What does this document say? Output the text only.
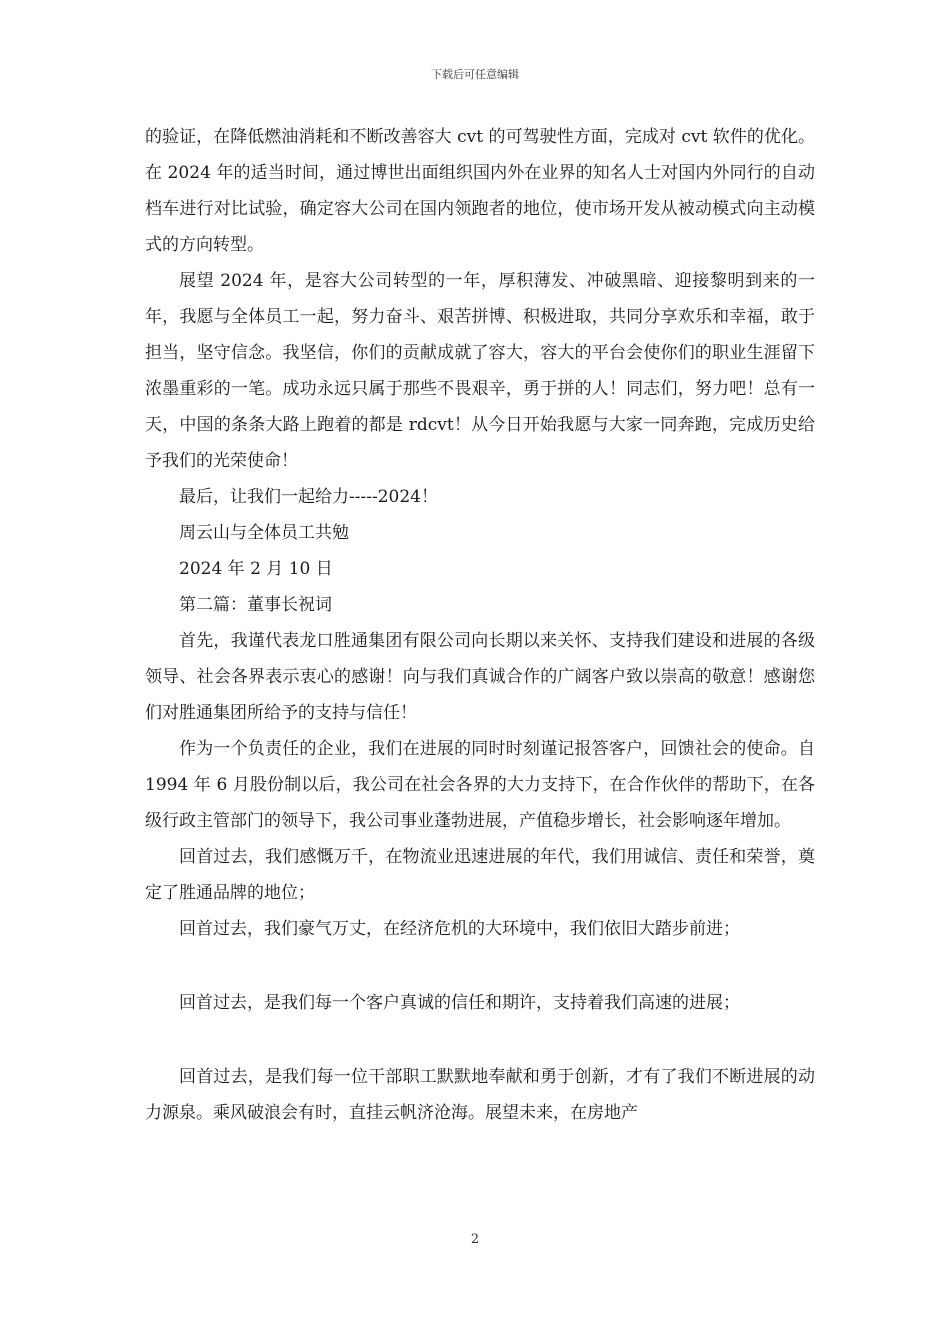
下载后可任意编辑

的验证，在降低燃油消耗和不断改善容大 cvt 的可驾驶性方面，完成对 cvt 软件的优化。在 2024 年的适当时间，通过博世出面组织国内外在业界的知名人士对国内外同行的自动档车进行对比试验，确定容大公司在国内领跑者的地位，使市场开发从被动模式向主动模式的方向转型。

展望 2024 年，是容大公司转型的一年，厚积薄发、冲破黑暗、迎接黎明到来的一年，我愿与全体员工一起，努力奋斗、艰苦拼博、积极进取，共同分享欢乐和幸福，敢于担当，坚守信念。我坚信，你们的贡献成就了容大，容大的平台会使你们的职业生涯留下浓墨重彩的一笔。成功永远只属于那些不畏艰辛，勇于拼的人！同志们，努力吧！总有一天，中国的条条大路上跑着的都是 rdcvt！从今日开始我愿与大家一同奔跑，完成历史给予我们的光荣使命！

最后，让我们一起给力-----2024！

周云山与全体员工共勉

2024 年 2 月 10 日

第二篇：董事长祝词

首先，我谨代表龙口胜通集团有限公司向长期以来关怀、支持我们建设和进展的各级领导、社会各界表示衷心的感谢！向与我们真诚合作的广阔客户致以崇高的敬意！感谢您们对胜通集团所给予的支持与信任！

作为一个负责任的企业，我们在进展的同时时刻谨记报答客户，回馈社会的使命。自 1994 年 6 月股份制以后，我公司在社会各界的大力支持下，在合作伙伴的帮助下，在各级行政主管部门的领导下，我公司事业蓬勃进展，产值稳步增长，社会影响逐年增加。

回首过去，我们感慨万千，在物流业迅速进展的年代，我们用诚信、责任和荣誉，奠定了胜通品牌的地位；

回首过去，我们豪气万丈，在经济危机的大环境中，我们依旧大踏步前进；

回首过去，是我们每一个客户真诚的信任和期许，支持着我们高速的进展；

回首过去，是我们每一位干部职工默默地奉献和勇于创新，才有了我们不断进展的动力源泉。乘风破浪会有时，直挂云帆济沧海。展望未来，在房地产

2
